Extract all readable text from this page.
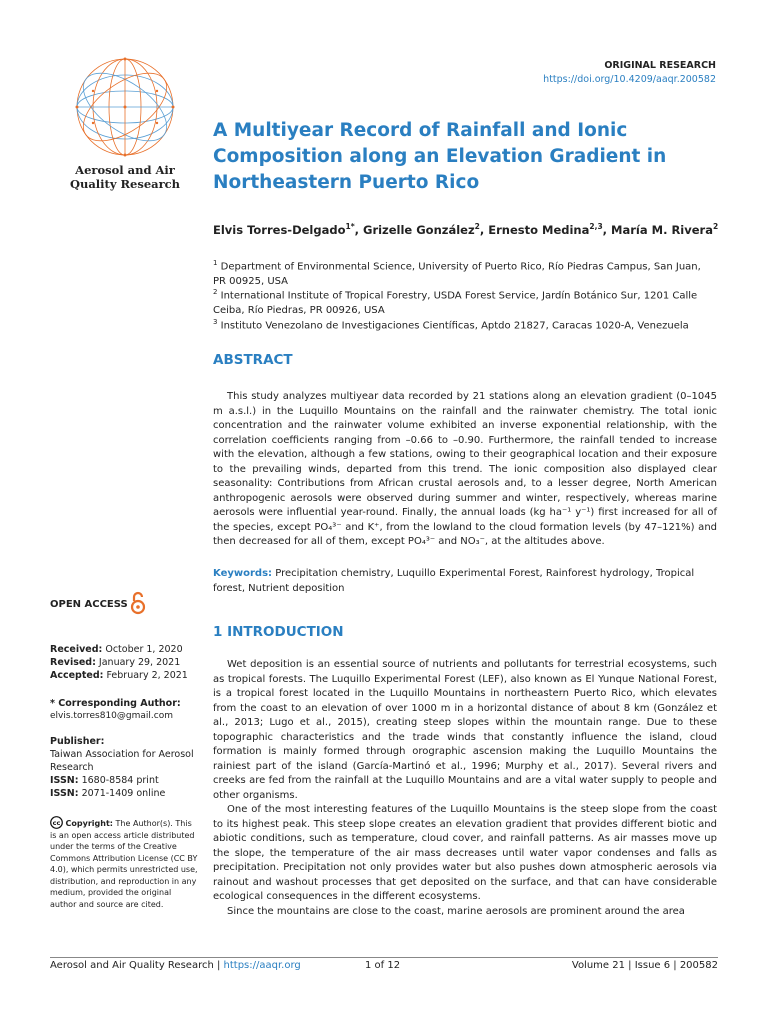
Aerosol and Air Quality Research
ORIGINAL RESEARCH
https://doi.org/10.4209/aaqr.200582
A Multiyear Record of Rainfall and Ionic Composition along an Elevation Gradient in Northeastern Puerto Rico
Elvis Torres-Delgado$^{1*}$, Grizelle González$^2$, Ernesto Medina$^{2,3}$, María M. Rivera$^2$
$^1$ Department of Environmental Science, University of Puerto Rico, Río Piedras Campus, San Juan, PR 00925, USA
$^2$ International Institute of Tropical Forestry, USDA Forest Service, Jardín Botánico Sur, 1201 Calle Ceiba, Río Piedras, PR 00926, USA
$^3$ Instituto Venezolano de Investigaciones Científicas, Aptdo 21827, Caracas 1020-A, Venezuela
ABSTRACT

This study analyzes multiyear data recorded by 21 stations along an elevation gradient (0–1045 m a.s.l.) in the Luquillo Mountains on the rainfall and the rainwater chemistry. The total ionic concentration and the rainwater volume exhibited an inverse exponential relationship, with the correlation coefficients ranging from –0.66 to –0.90. Furthermore, the rainfall tended to increase with the elevation, although a few stations, owing to their geographical location and their exposure to the prevailing winds, departed from this trend. The ionic composition also displayed clear seasonality: Contributions from African crustal aerosols and, to a lesser degree, North American anthropogenic aerosols were observed during summer and winter, respectively, whereas marine aerosols were influential year-round. Finally, the annual loads (kg ha⁻¹ y⁻¹) first increased for all of the species, except PO₄³⁻ and K⁺, from the lowland to the cloud formation levels (by 47–121%) and then decreased for all of them, except PO₄³⁻ and NO₃⁻, at the altitudes above.

Keywords: Precipitation chemistry, Luquillo Experimental Forest, Rainforest hydrology, Tropical forest, Nutrient deposition
1 INTRODUCTION

Wet deposition is an essential source of nutrients and pollutants for terrestrial ecosystems, such as tropical forests. The Luquillo Experimental Forest (LEF), also known as El Yunque National Forest, is a tropical forest located in the Luquillo Mountains in northeastern Puerto Rico, which elevates from the coast to an elevation of over 1000 m in a horizontal distance of about 8 km (González et al., 2013; Lugo et al., 2015), creating steep slopes within the mountain range. Due to these topographic characteristics and the trade winds that constantly influence the island, cloud formation is mainly formed through orographic ascension making the Luquillo Mountains the rainiest part of the island (García-Martinó et al., 1996; Murphy et al., 2017). Several rivers and creeks are fed from the rainfall at the Luquillo Mountains and are a vital water supply to people and other organisms.

One of the most interesting features of the Luquillo Mountains is the steep slope from the coast to its highest peak. This steep slope creates an elevation gradient that provides different biotic and abiotic conditions, such as temperature, cloud cover, and rainfall patterns. As air masses move up the slope, the temperature of the air mass decreases until water vapor condenses and falls as precipitation. Precipitation not only provides water but also pushes down atmospheric aerosols via rainout and washout processes that get deposited on the surface, and that can have considerable ecological consequences in the different ecosystems.

Since the mountains are close to the coast, marine aerosols are prominent around the area

OPEN ACCESS
Received: October 1, 2020
Revised: January 29, 2021
Accepted: February 2, 2021
* Corresponding Author:
elvis.torres810@gmail.com
Publisher:
Taiwan Association for Aerosol Research
ISSN: 1680-8584 print
ISSN: 2071-1409 online
cc Copyright: The Author(s). This is an open access article distributed under the terms of the Creative Commons Attribution License (CC BY 4.0), which permits unrestricted use, distribution, and reproduction in any medium, provided the original author and source are cited.
Aerosol and Air Quality Research | https://aaqr.org	1 of 12	Volume 21 | Issue 6 | 200582
